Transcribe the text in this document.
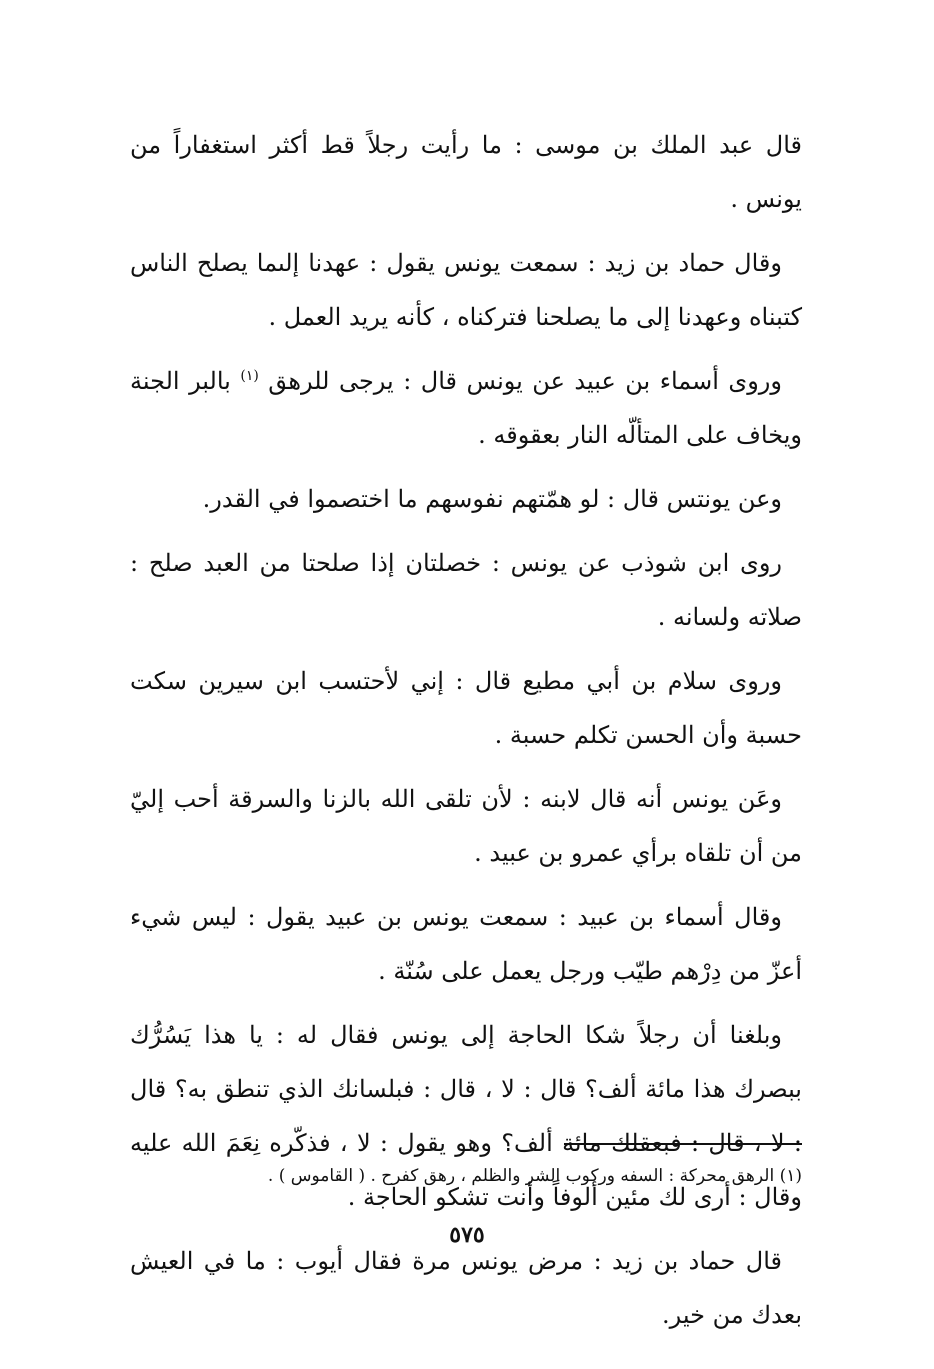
قال عبد الملك بن موسى : ما رأيت رجلاً قط أكثر استغفاراً من يونس .

وقال حماد بن زيد : سمعت يونس يقول : عهدنا إلىما يصلح الناس كتبناه وعهدنا إلى ما يصلحنا فتركناه ، كأنه يريد العمل .

وروى أسماء بن عبيد عن يونس قال : يرجى للرهق $^{(١)}$ بالبر الجنة ويخاف على المتألّه النار بعقوقه .

وعن يونتس قال : لو همّتهم نفوسهم ما اختصموا في القدر.

روى ابن شوذب عن يونس : خصلتان إذا صلحتا من العبد صلح : صلاته ولسانه .

وروى سلام بن أبي مطيع قال : إني لأحتسب ابن سيرين سكت حسبة وأن الحسن تكلم حسبة .

وعَن يونس أنه قال لابنه : لأن تلقى الله بالزنا والسرقة أحب إليّ من أن تلقاه برأي عمرو بن عبيد .

وقال أسماء بن عبيد : سمعت يونس بن عبيد يقول : ليس شيء أعزّ من دِرْهم طيّب ورجل يعمل على سُنّة .

وبلغنا أن رجلاً شكا الحاجة إلى يونس فقال له : يا هذا يَسُرُّك ببصرك هذا مائة ألف؟ قال : لا ، قال : فبلسانك الذي تنطق به؟ قال : لا ، قال : فبعقلك مائة ألف؟ وهو يقول : لا ، فذكّره نِعَمَ الله عليه وقال : أرى لك مئين ألوفاً وأنت تشكو الحاجة .

قال حماد بن زيد : مرض يونس مرة فقال أيوب : ما في العيش بعدك من خير.

(١) الرهق محركة : السفه وركوب الشر والظلم ، رهق كفرح . ( القاموس ) .
٥٧٥
